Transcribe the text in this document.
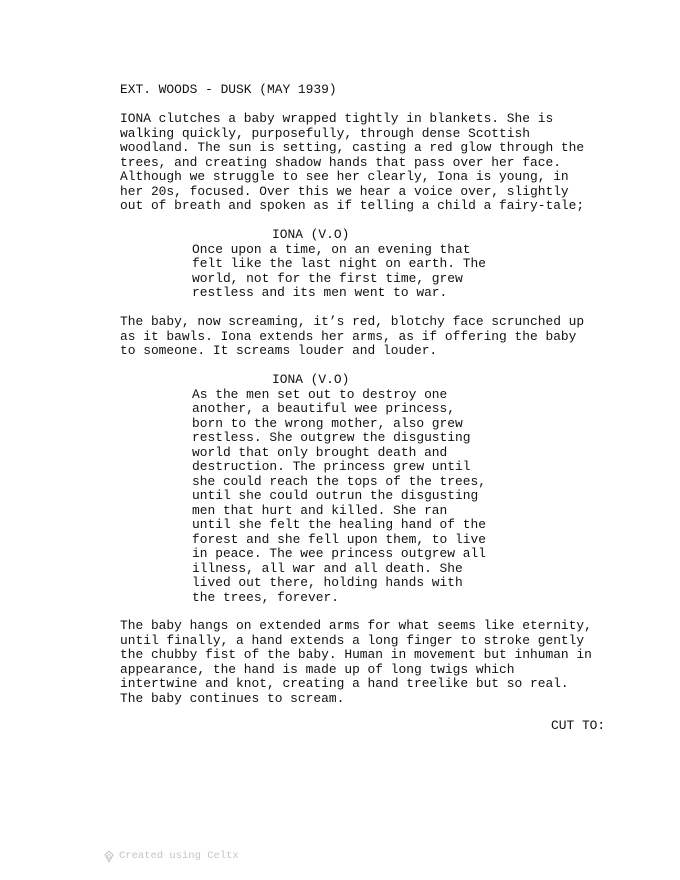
EXT. WOODS - DUSK (MAY 1939)
IONA clutches a baby wrapped tightly in blankets. She is
walking quickly, purposefully, through dense Scottish
woodland. The sun is setting, casting a red glow through the
trees, and creating shadow hands that pass over her face.
Although we struggle to see her clearly, Iona is young, in
her 20s, focused. Over this we hear a voice over, slightly
out of breath and spoken as if telling a child a fairy-tale;
IONA (V.O)
Once upon a time, on an evening that
felt like the last night on earth. The
world, not for the first time, grew
restless and its men went to war.
The baby, now screaming, it’s red, blotchy face scrunched up
as it bawls. Iona extends her arms, as if offering the baby
to someone. It screams louder and louder.
IONA (V.O)
As the men set out to destroy one
another, a beautiful wee princess,
born to the wrong mother, also grew
restless. She outgrew the disgusting
world that only brought death and
destruction. The princess grew until
she could reach the tops of the trees,
until she could outrun the disgusting
men that hurt and killed. She ran
until she felt the healing hand of the
forest and she fell upon them, to live
in peace. The wee princess outgrew all
illness, all war and all death. She
lived out there, holding hands with
the trees, forever.
The baby hangs on extended arms for what seems like eternity,
until finally, a hand extends a long finger to stroke gently
the chubby fist of the baby. Human in movement but inhuman in
appearance, the hand is made up of long twigs which
intertwine and knot, creating a hand treelike but so real.
The baby continues to scream.
CUT TO:
Created using Celtx
